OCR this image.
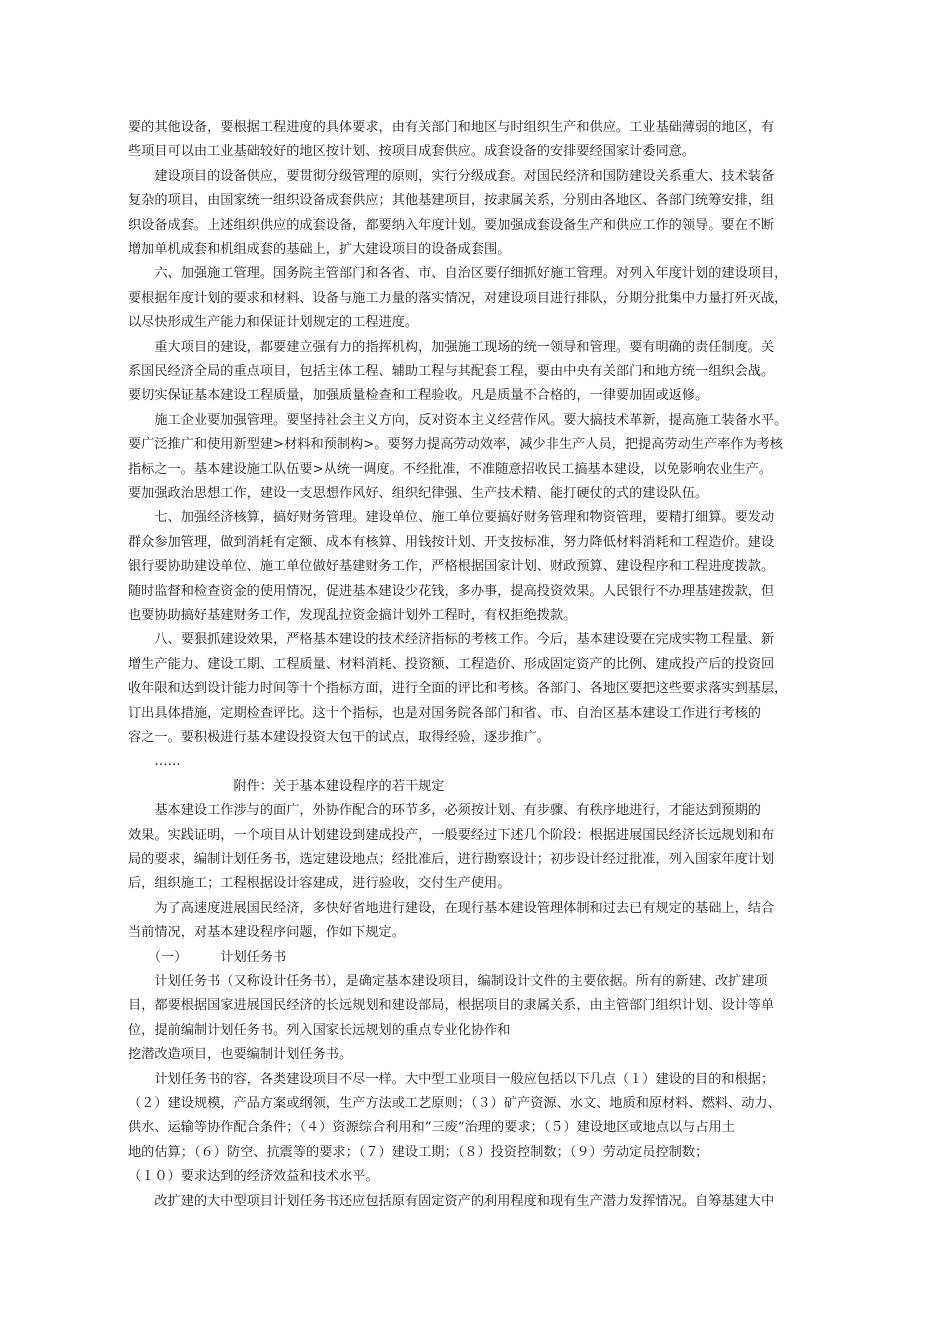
要的其他设备，要根据工程进度的具体要求，由有关部门和地区与时组织生产和供应。工业基础薄弱的地区，有
些项目可以由工业基础较好的地区按计划、按项目成套供应。成套设备的安排要经国家计委同意。
　　建设项目的设备供应，要贯彻分级管理的原则，实行分级成套。对国民经济和国防建设关系重大、技术装备
复杂的项目，由国家统一组织设备成套供应；其他基建项目，按隶属关系，分别由各地区、各部门统筹安排，组
织设备成套。上述组织供应的成套设备，都要纳入年度计划。要加强成套设备生产和供应工作的领导。要在不断
增加单机成套和机组成套的基础上，扩大建设项目的设备成套围。
　　六、加强施工管理。国务院主管部门和各省、市、自治区要仔细抓好施工管理。对列入年度计划的建设项目，
要根据年度计划的要求和材料、设备与施工力量的落实情况，对建设项目进行排队，分期分批集中力量打歼灭战，
以尽快形成生产能力和保证计划规定的工程进度。
　　重大项目的建设，都要建立强有力的指挥机构，加强施工现场的统一领导和管理。要有明确的责任制度。关
系国民经济全局的重点项目，包括主体工程、辅助工程与其配套工程，要由中央有关部门和地方统一组织会战。
要切实保证基本建设工程质量，加强质量检查和工程验收。凡是质量不合格的，一律要加固或返修。
　　施工企业要加强管理。要坚持社会主义方向，反对资本主义经营作风。要大搞技术革新，提高施工装备水平。
要广泛推广和使用新型建>材料和预制构>。要努力提高劳动效率，减少非生产人员，把提高劳动生产率作为考核
指标之一。基本建设施工队伍要>从统一调度。不经批准，不准随意招收民工搞基本建设，以免影响农业生产。
要加强政治思想工作，建设一支思想作风好、组织纪律强、生产技术精、能打硬仗的式的建设队伍。
　　七、加强经济核算，搞好财务管理。建设单位、施工单位要搞好财务管理和物资管理，要精打细算。要发动
群众参加管理，做到消耗有定额、成本有核算、用钱按计划、开支按标准，努力降低材料消耗和工程造价。建设
银行要协助建设单位、施工单位做好基建财务工作，严格根据国家计划、财政预算、建设程序和工程进度拨款。
随时监督和检查资金的使用情况，促进基本建设少花钱，多办事，提高投资效果。人民银行不办理基建拨款，但
也要协助搞好基建财务工作，发现乱拉资金搞计划外工程时，有权拒绝拨款。
　　八、要狠抓建设效果，严格基本建设的技术经济指标的考核工作。今后，基本建设要在完成实物工程量、新
增生产能力、建设工期、工程质量、材料消耗、投资额、工程造价、形成固定资产的比例、建成投产后的投资回
收年限和达到设计能力时间等十个指标方面，进行全面的评比和考核。各部门、各地区要把这些要求落实到基层，
订出具体措施，定期检查评比。这十个指标，也是对国务院各部门和省、市、自治区基本建设工作进行考核的
容之一。要积极进行基本建设投资大包干的试点，取得经验，逐步推广。
　　……
　　　　　　　　附件：关于基本建设程序的若干规定
　　基本建设工作涉与的面广，外协作配合的环节多，必须按计划、有步骤、有秩序地进行，才能达到预期的
效果。实践证明，一个项目从计划建设到建成投产，一般要经过下述几个阶段：根据进展国民经济长远规划和布
局的要求，编制计划任务书，选定建设地点；经批准后，进行勘察设计；初步设计经过批准，列入国家年度计划
后，组织施工；工程根据设计容建成，进行验收，交付生产使用。
　　为了高速度进展国民经济，多快好省地进行建设，在现行基本建设管理体制和过去已有规定的基础上，结合
当前情况，对基本建设程序问题，作如下规定。
　　（一）　　　计划任务书
　　计划任务书（又称设计任务书），是确定基本建设项目，编制设计文件的主要依据。所有的新建、改扩建项
目，都要根据国家进展国民经济的长远规划和建设部局，根据项目的隶属关系，由主管部门组织计划、设计等单
位，提前编制计划任务书。列入国家长远规划的重点专业化协作和
挖潜改造项目，也要编制计划任务书。
　　计划任务书的容，各类建设项目不尽一样。大中型工业项目一般应包括以下几点（１）建设的目的和根据；
（２）建设规模，产品方案或纲领，生产方法或工艺原则；（３）矿产资源、水文、地质和原材料、燃料、动力、
供水、运输等协作配合条件；（４）资源综合利用和“三废”治理的要求；（５）建设地区或地点以与占用土
地的估算；（６）防空、抗震等的要求；（７）建设工期；（８）投资控制数；（９）劳动定员控制数；
（１０）要求达到的经济效益和技术水平。
　　改扩建的大中型项目计划任务书还应包括原有固定资产的利用程度和现有生产潜力发挥情况。自筹基建大中
